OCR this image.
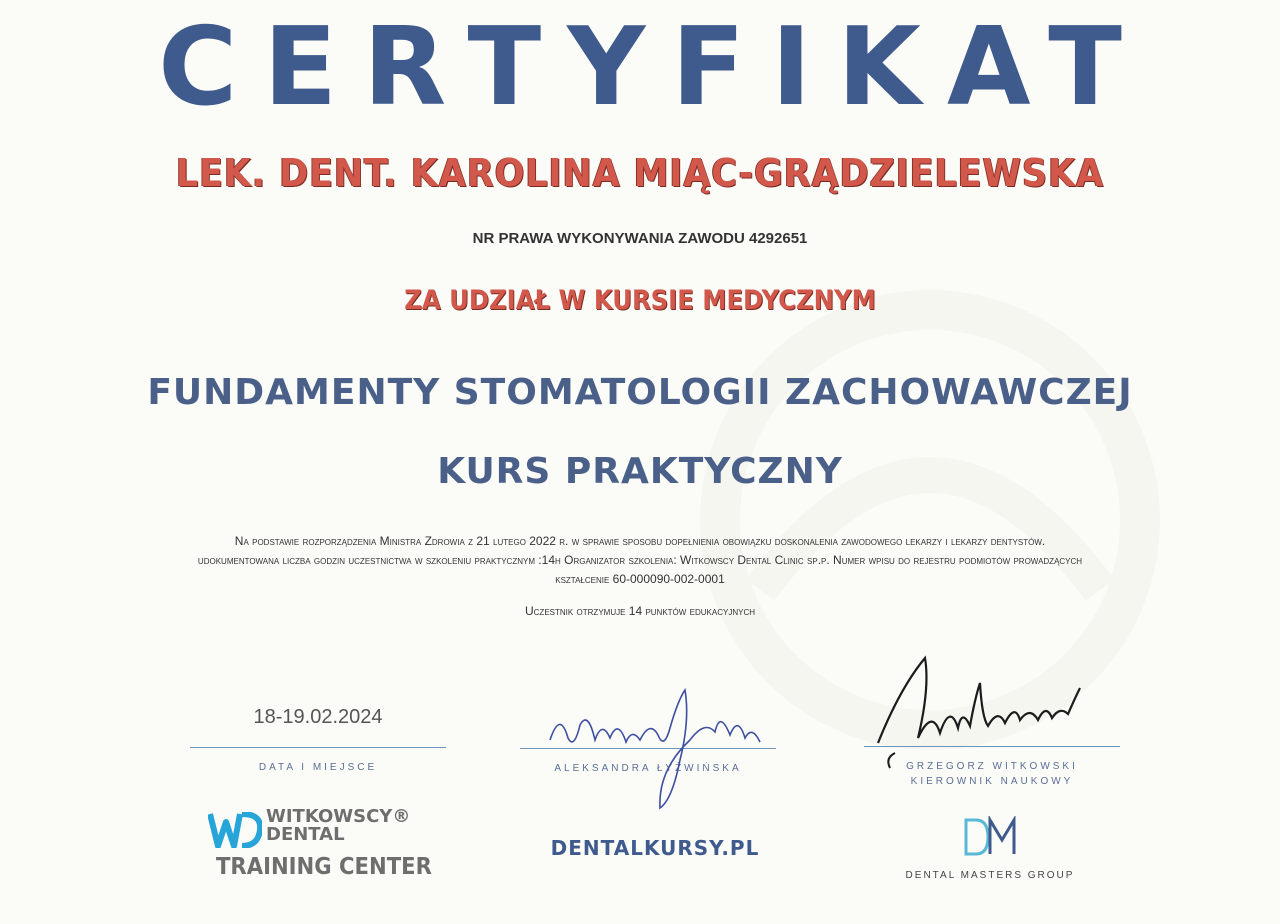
CERTYFIKAT
LEK. DENT. KAROLINA MIĄC-GRĄDZIELEWSKA
NR PRAWA WYKONYWANIA ZAWODU 4292651
ZA UDZIAŁ W KURSIE MEDYCZNYM
FUNDAMENTY STOMATOLOGII ZACHOWAWCZEJ
KURS PRAKTYCZNY
Na podstawie rozporządzenia Ministra Zdrowia z 21 lutego 2022 r. w sprawie sposobu dopełnienia obowiązku doskonalenia zawodowego lekarzy i lekarzy dentystów.
udokumentowana liczba godzin uczestnictwa w szkoleniu praktycznym :14h Organizator szkolenia: Witkowscy Dental Clinic sp.p. Numer wpisu do rejestru podmiotów prowadzących
kształcenie 60-000090-002-0001
Uczestnik otrzymuje 14 punktów edukacyjnych
18-19.02.2024
DATA I MIEJSCE	ALEKSANDRA ŁYŻWIŃSKA	GRZEGORZ WITKOWSKI
KIEROWNIK NAUKOWY
WITKOWSCY®
DENTAL
TRAINING CENTER
DENTALKURSY.PL
DENTAL MASTERS GROUP
